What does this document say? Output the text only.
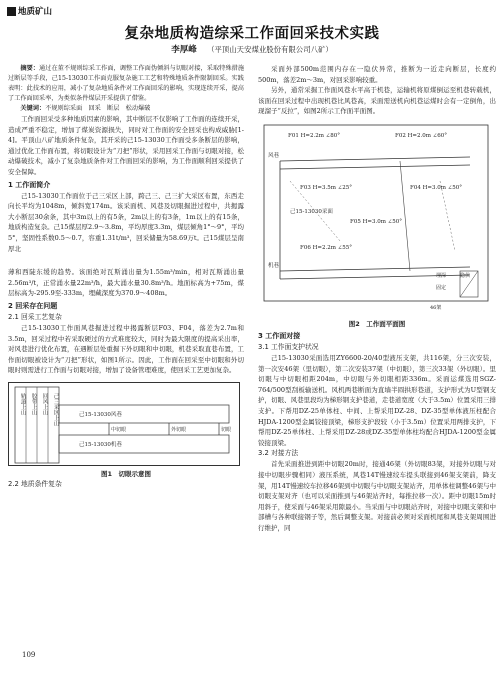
地质矿山
复杂地质构造综采工作面回采技术实践
李厚峰 （平顶山天安煤业股份有限公司八矿）

摘要：通过在董不规则综采工作面，调整工作面伪倾斜与切眼对接，采取特殊措施过断层等手段，己15-13030工作面克服复杂施工工艺和特殊地质条件限制回采。实践表明：此技术的应用，减小了复杂地质条件对工作面回采的影响，实现连续开采，提高了工作面回采率，为类似条件煤层开采提供了借鉴。

关键词：不规则综采面　回采　断层　松动爆破

工作面回采受多种地质因素的影响，其中断层不仅影响了工作面的连续开采，造成严重不稳定，增加了煤炭资源损失，同时对工作面的安全回采也构成威胁[1-4]。平顶山八矿地质条件复杂，其开采的己15-13030工作面受多条断层的影响，通过优化工作面布置，将切眼设计为“刀把”形状，采用回采工作面与切眼对接，松动爆破技术，减小了复杂地质条件对工作面回采的影响，为工作面顺利回采提供了安全保障。

1 工作面简介

己15-13030工作面位于己三采区上部，跨己三、己三扩大采区布置，东西走向长平均为1048m，倾斜宽174m。该采面机、风巷及切眼掘进过程中，共揭露大小断层30余条，其中3m以上的有5条，2m以上的有3条，1m以上的有15条，地质构造复杂。己15煤层厚2.9～3.8m，平均厚度3.3m，煤层倾角1°～9°，平均5°，坚固性系数0.5～0.7，容重1.31t/m³，回采储量为58.69万t。己15煤层呈南厚北

薄和西陡东缓的趋势。该面绝对瓦斯涌出量为1.55m³/min，相对瓦斯涌出量2.56m³/t，正常涌水量22m³/h，最大涌水量30.8m³/h。地面标高为+75m，煤层标高为-295.9至-333m，埋藏深度为370.9～408m。

2 回采存在问题
2.1 回采工艺复杂

己15-13030工作面风巷掘进过程中揭露断层F03、F04，落差为2.7m和3.5m，回采过程中若采取硬过的方式难度较大，同时为最大限度的提高采出率，对风巷进行优化布置，在遇断层处重掘下外切眼和中切眼，机巷采取直巷布置，工作面切眼被设计为“刀把”形状，如图1所示。因此，工作面在回采至中切眼和外切眼时则需进行工作面与切眼对接，增加了设备管理难度，使回采工艺更加复杂。

轨道上山 胶带上山 回风上山 己三采区上山	己15-13030风巷
己15-13030机巷
中切眼	外切眼	切眼
图1　切眼示意图
2.2 地质条件复杂

采面外部500m范围内存在一隐伏异常，推断为一近走向断层，长度约500m，落差2m～3m，对回采影响较重。

另外，通常采掘工作面风巷水平高于机巷，运输机将原煤倒运至机巷转载机，该面在回采过程中出现机巷比风巷高，采面需送机向机巷运煤时会有一定倒角，出现溜子“反拉”，如图2所示工作面平面图。

F01 H=2.2m ∠80°	F02 H=2.0m ∠60°
F03 H=3.5m ∠25°	F04 H=3.0m ∠50°
F05 H=3.0m ∠50°
F06 H=2.2m ∠55°
风巷
机巷
己15-13030采面
隐伏
埋深
固定
46架
图2　工作面平面图
3 工作面对接
3.1 工作面支护状况

己15-13030采面选用ZY6600-20/40型液压支架，共116架，分三次安装，第一次安46架（里切眼），第二次安装37架（中切眼），第三次33架（外切眼）。里切眼与中切眼相距204m，中切眼与外切眼相距336m。采面运煤选用SGZ-764/500型刮板输送机。风机两巷断面为直墙半圆拱形巷道，支护形式为U型钢支护，切眼、风巷里段均为梯形钢支护巷道，走巷道宽度（大于3.5m）位置采用三排支护。下帮用DZ-25单体柱、中间、上帮采用DZ-28、DZ-35型单体液压柱配合HJDA-1200型金属铰接顶梁，梯形支护段较（小于3.5m）位置采用两排支护，下帮用DZ-25单体柱、上帮采用DZ-28或DZ-35型单体柱均配合HJDA-1200型金属铰接顶梁。

3.2 对接方法

首先采面推进到距中切眼20m时，接通46架（外切眼83架，对接外切眼与对接中切眼步骤相同）液压系统，风巷14T慢速绞车提头联接到46架支架前，降支架，用14T慢速绞车拉移46架到中切眼与中切眼支架站齐，用单体柱调整46架与中切眼支架对齐（也可以采面推到与46架站齐时，每推拉移一次）。距中切眼15m时用斜子，使采面与46架采用隙最小。当采面与中切眼站齐时，对接中切眼支架和中部槽与各种联接钢子等，然后调整支架。对接前必须对采面机尾和风巷支架周围进行维护，同

109
